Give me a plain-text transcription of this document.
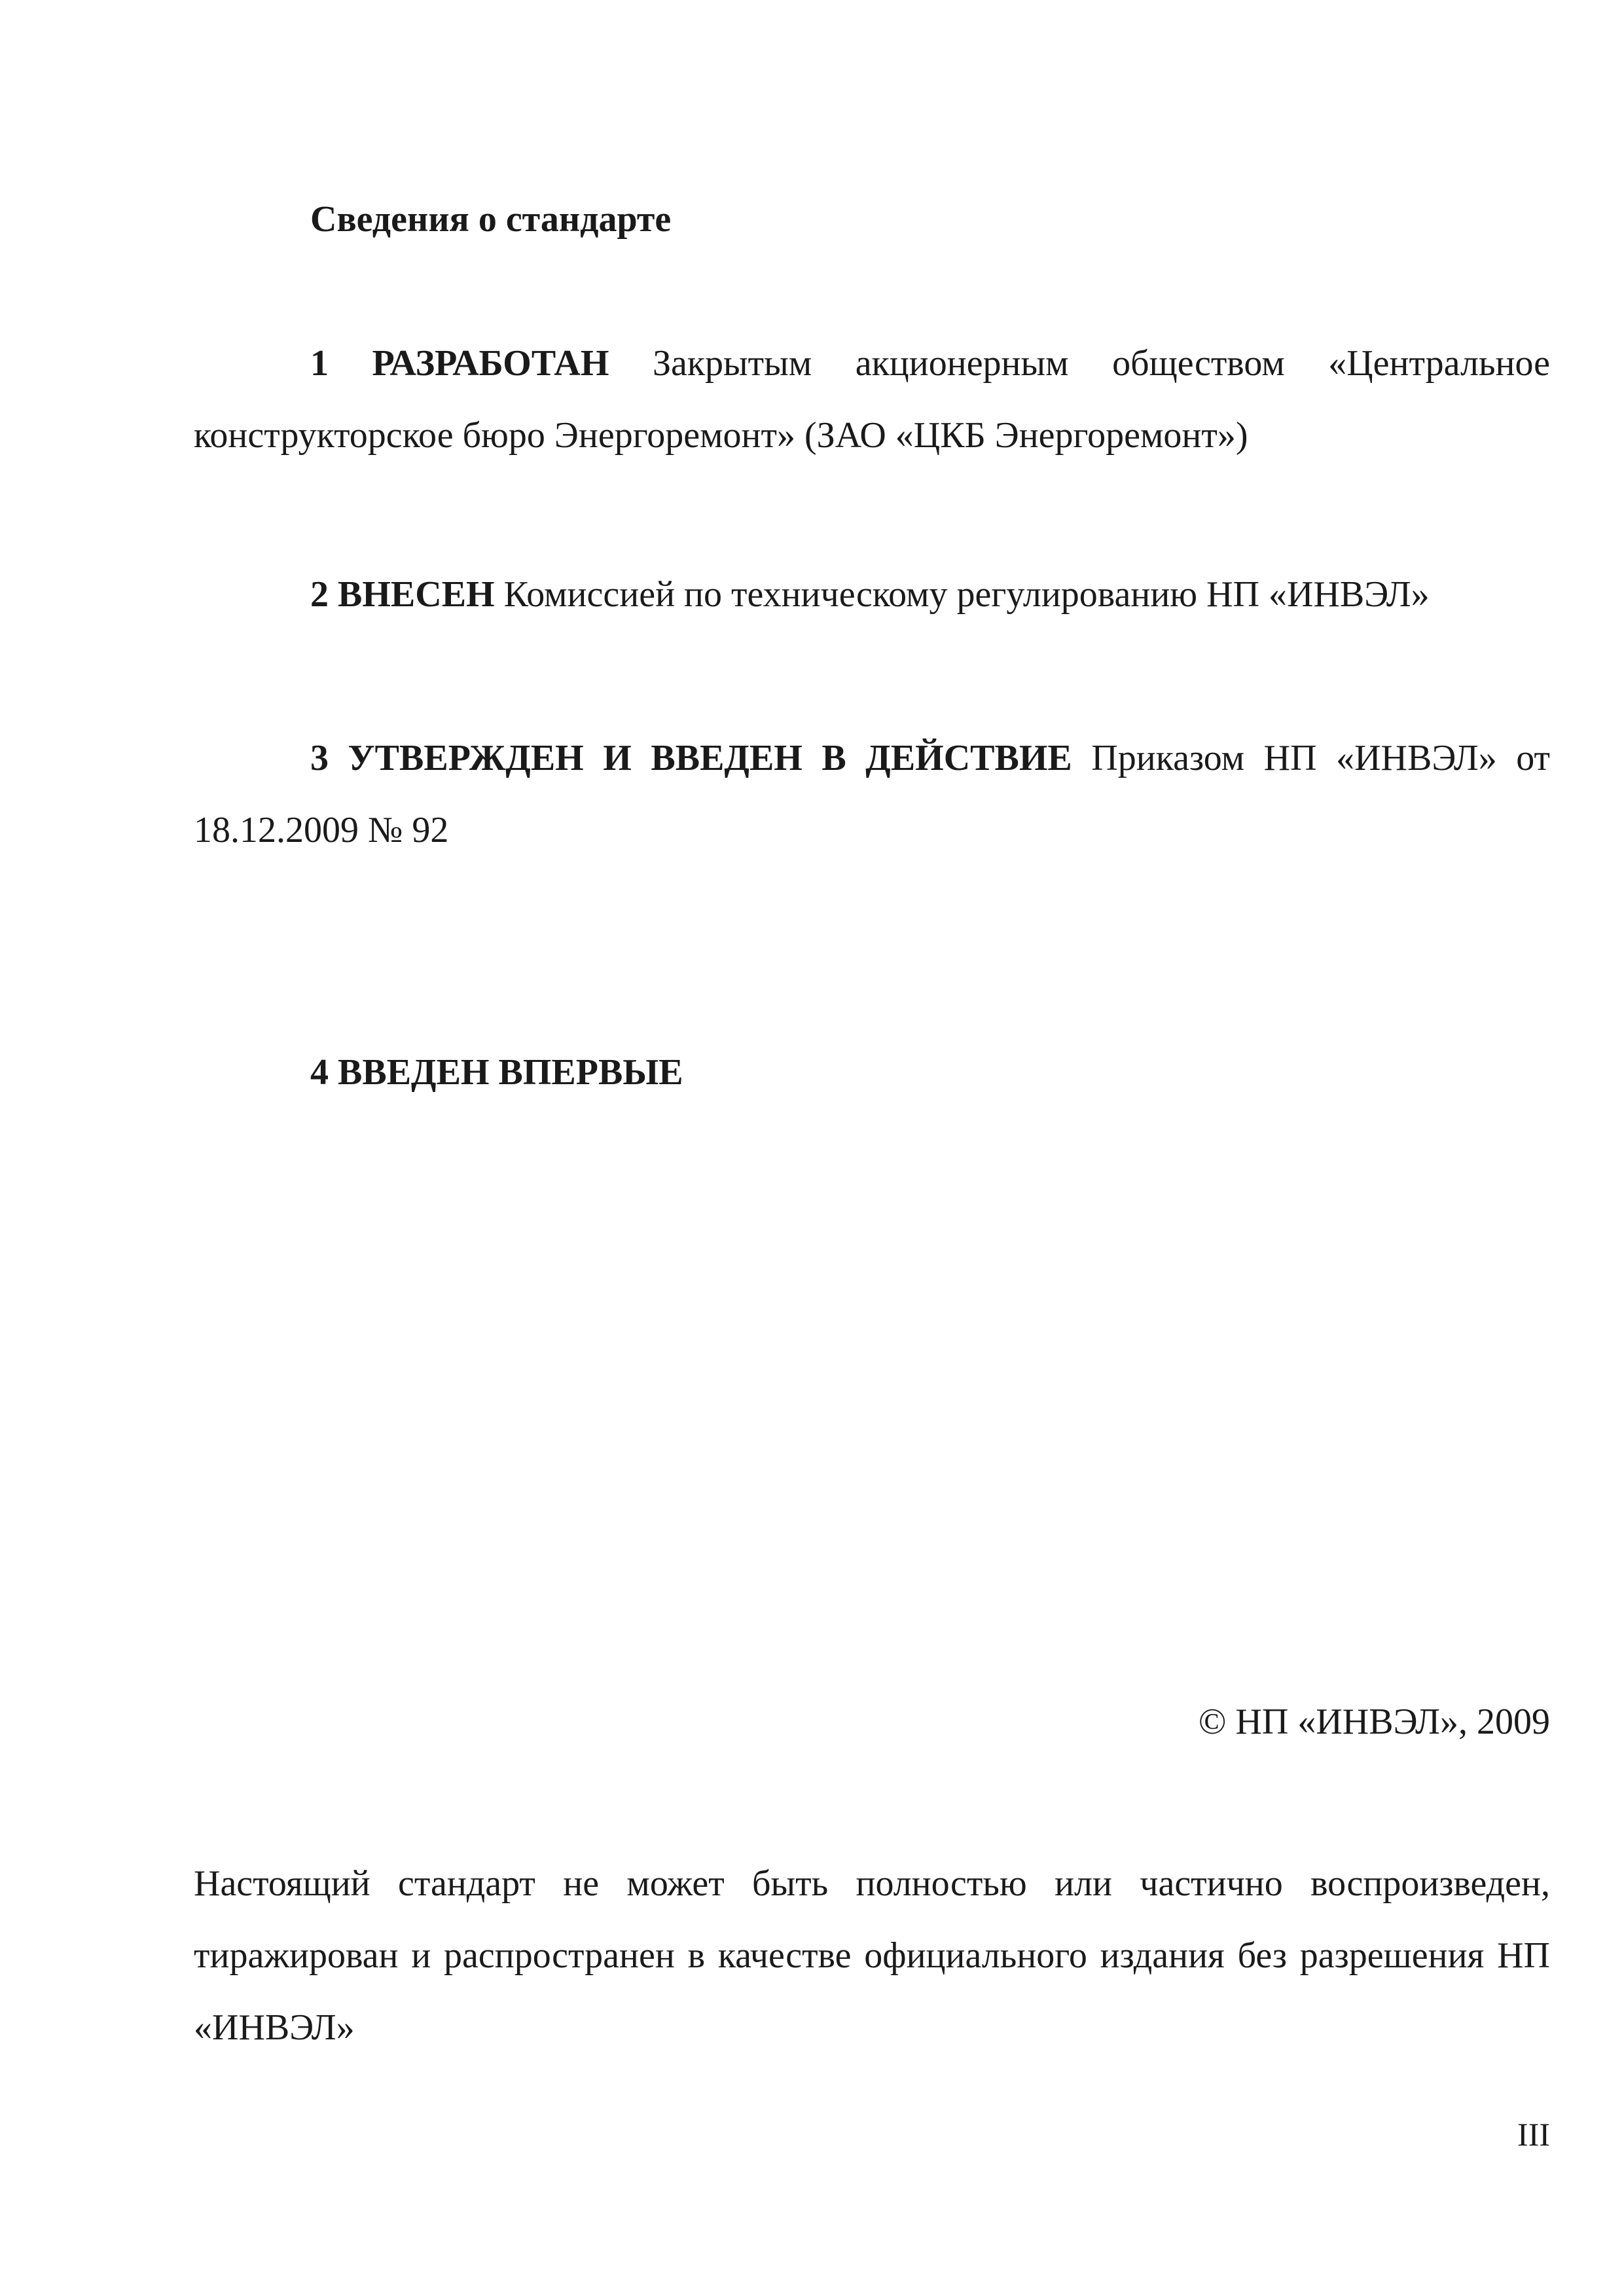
Сведения о стандарте
1 РАЗРАБОТАН Закрытым акционерным обществом «Центральное конструкторское бюро Энергоремонт» (ЗАО «ЦКБ Энергоремонт»)
2 ВНЕСЕН Комиссией по техническому регулированию НП «ИНВЭЛ»
3 УТВЕРЖДЕН И ВВЕДЕН В ДЕЙСТВИЕ Приказом НП «ИНВЭЛ» от 18.12.2009 № 92
4 ВВЕДЕН ВПЕРВЫЕ
© НП «ИНВЭЛ», 2009
Настоящий стандарт не может быть полностью или частично воспроизведен, тиражирован и распространен в качестве официального издания без разрешения НП «ИНВЭЛ»
III
